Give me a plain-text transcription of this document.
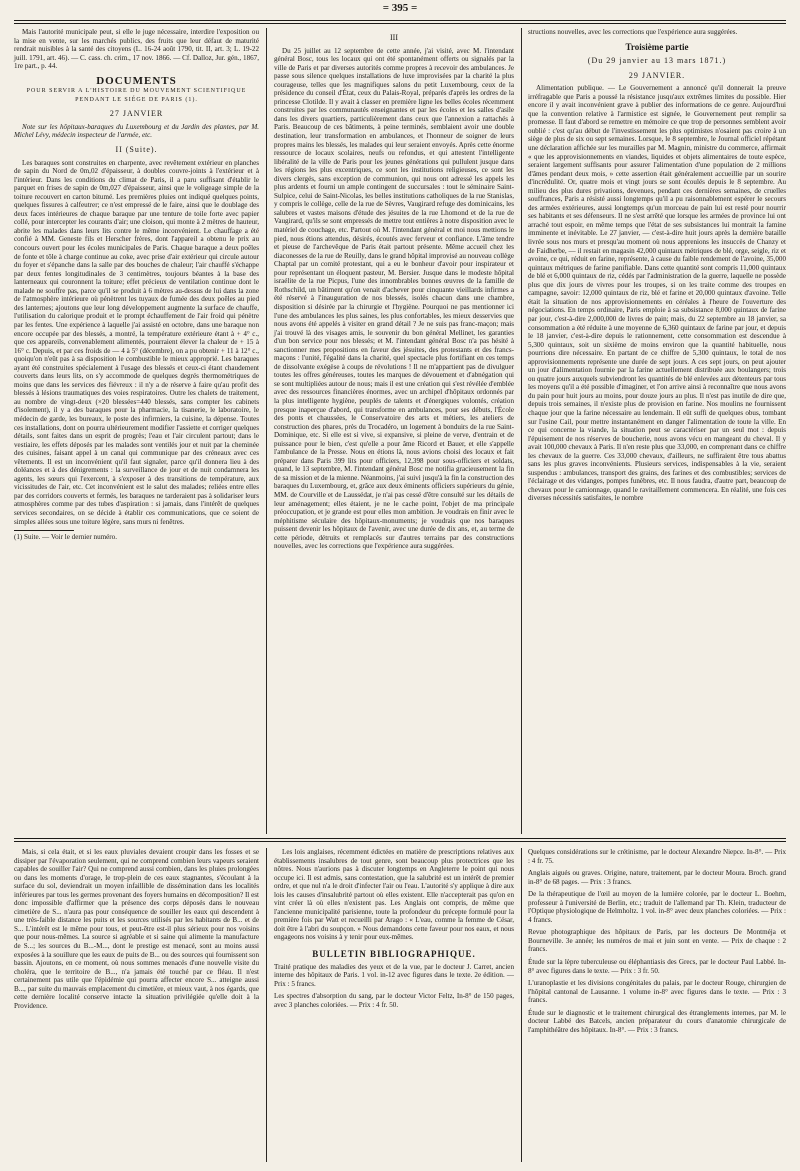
= 395 =

Mais l'autorité municipale peut, si elle le juge nécessaire, interdire l'exposition ou la mise en vente, sur les marchés publics, des fruits que leur défaut de maturité rendrait nuisibles à la santé des citoyens (L. 16-24 août 1790, tit. II, art. 3; L. 19-22 juill. 1791, art. 46). — C. cass. ch. crim., 17 nov. 1866. — Cf. Dalloz, Jur. gén., 1867, 1re part., p. 44.

DOCUMENTS
POUR SERVIR A L'HISTOIRE DU MOUVEMENT SCIENTIFIQUE PENDANT LE SIÉGE DE PARIS (1).
27 JANVIER

Note sur les hôpitaux-baraques du Luxembourg et du Jardin des plantes, par M. Michel Lévy, médecin inspecteur de l'armée, etc.

II (Suite).

Les baraques sont construites en charpente, avec revêtement extérieur en planches de sapin du Nord de 0m,02 d'épaisseur, à doubles couvre-joints à l'extérieur et à l'intérieur. Dans les conditions du climat de Paris, il a paru suffisant d'établir le parquet en frises de sapin de 0m,027 d'épaisseur, ainsi que le voligeage simple de la toiture recouvert en carton bitumé. Les premières pluies ont indiqué quelques points, quelques fissures à calfeutrer; ce n'est empressé de le faire, ainsi que le doublage des deux faces intérieures de chaque baraque par une tenture de toile forte avec papier collé, pour intercepter les courants d'air; une cloison, qui monte à 2 mètres de hauteur, abrite les malades dans leurs lits contre le même inconvénient. Le chauffage a été confié à MM. Geneste fils et Herscher frères, dont l'appareil a obtenu le prix au concours ouvert pour les écoles municipales de Paris. Chaque baraque a deux poêles de fonte et tôle à charge continue au coke, avec prise d'air extérieur qui circule autour du foyer et s'épanche dans la salle par des bouches de chaleur; l'air chauffé s'échappe par deux fentes longitudinales de 3 centimètres, toujours béantes à la base des lanterneaux qui couronnent la toiture; effet précieux de ventilation continue dont le malade ne souffre pas, parce qu'il se produit à 6 mètres au-dessus de lui dans la zone de l'atmosphère intérieure où pénètrent les tuyaux de fumée des deux poêles au pied des lanternes; ajoutons que leur long développement augmente la surface de chauffe, l'utilisation du calorique produit et le prompt échauffement de l'air froid qui pénètre par les fentes. Une expérience à laquelle j'ai assisté en octobre, dans une baraque non encore occupée par des blessés, a montré, la température extérieure étant à + 4° c., que ces appareils, convenablement alimentés, pourraient élever la chaleur de + 15 à 16° c. Depuis, et par ces froids de — 4 à 5° (décembre), on a pu obtenir + 11 à 12° c., quoiqu'on n'eût pas à sa disposition le combustible le mieux approprié. Les baraques ayant été construites spécialement à l'usage des blessés et ceux-ci étant chaudement couverts dans leurs lits, on s'y accommode de quelques degrés thermométriques de moins que dans les services des fiévreux : il n'y a de réserve à faire qu'au profit des blessés à lésions traumatiques des voies respiratoires. Outre les chalets de traitement, au nombre de vingt-deux (×20 blessées=440 blessés, sans compter les cabinets d'isolement), il y a des baraques pour la pharmacie, la tisanerie, le laboratoire, le médecin de garde, les bureaux, le poste des infirmiers, la cuisine, la dépense. Toutes ces installations, dont on pourra ultérieurement modifier l'assiette et corriger quelques détails, sont faites dans un esprit de progrès; l'eau et l'air circulent partout; dans le vestiaire, les effets déposés par les malades sont ventilés jour et nuit par la cheminée des cuisines, faisant appel à un canal qui communique par des créneaux avec ces vêtements. Il est un inconvénient qu'il faut signaler, parce qu'il donnera lieu à des doléances et à des dénigrements : la surveillance de jour et de nuit condamnera les agents, les sœurs qui l'exercent, à s'exposer à des transitions de température, aux vicissitudes de l'air, etc. Cet inconvénient est le salut des malades; reliées entre elles par des corridors couverts et fermés, les baraques ne tarderaient pas à solidariser leurs atmosphères comme par des tubes d'aspiration : si jamais, dans l'intérêt de quelques services secondaires, on se décide à établir ces communications, que ce soient de simples allées sous une toiture légère, sans murs ni fenêtres.

(1) Suite. — Voir le dernier numéro.

III

Du 25 juillet au 12 septembre de cette année, j'ai visité, avec M. l'intendant général Bosc, tous les locaux qui ont été spontanément offerts ou signalés par la ville de Paris et par diverses autorités comme propres à recevoir des ambulances. Je passe sous silence quelques installations de luxe improvisées par la charité la plus courageuse, telles que les magnifiques salons du petit Luxembourg, ceux de la présidence du conseil d'État, ceux du Palais-Royal, préparés d'après les ordres de la princesse Clotilde. Il y avait à classer en première ligne les belles écoles récemment construites par les communautés enseignantes et par les écoles et les salles d'asile dans les divers quartiers, particulièrement dans ceux que l'annexion a rattachés à Paris. Beaucoup de ces bâtiments, à peine terminés, semblaient avoir une double destination, leur transformation en ambulances, et l'honneur de soigner de leurs propres mains les blessés, les malades qui leur seraient envoyés. Après cette énorme ressource de locaux scolaires, neufs ou refondus, et qui attestent l'intelligente libéralité de la ville de Paris pour les jeunes générations qui pullulent jusque dans les régions les plus excentriques, ce sont les institutions religieuses, ce sont les divers clergés, sans exception de communion, qui nous ont adressé les appels les plus ardents et fourni un ample contingent de succursales : tout le séminaire Saint-Sulpice, celui de Saint-Nicolas, les belles institutions catholiques de la rue Stanislas, y compris le collège, celle de la rue de Sèvres, Vaugirard refuge des dominicains, les salubres et vastes maisons d'étude des jésuites de la rue Lhomond et de la rue de Vaugirard, qu'ils se sont empressés de mettre tout entières à notre disposition avec le matériel de couchage, etc. Partout où M. l'intendant général et moi nous mettions le pied, nous étions attendus, désirés, écoutés avec ferveur et confiance. L'âme tendre et pieuse de l'archevêque de Paris était partout présente. Même accueil chez les diaconesses de la rue de Reuilly, dans le grand hôpital improvisé au nouveau collège Chaptal par un comité protestant, qui a eu le bonheur d'avoir pour inspirateur et pour représentant un éloquent pasteur, M. Bersier. Jusque dans le modeste hôpital israélite de la rue Picpus, l'une des innombrables bonnes œuvres de la famille de Rothschild, un bâtiment qu'on venait d'achever pour cinquante vieillards infirmes a été réservé à l'inauguration de nos blessés, isolés chacun dans une chambre, disposition si désirée par la chirurgie et l'hygiène. Pourquoi ne pas mentionner ici l'une des ambulances les plus saines, les plus confortables, les mieux desservies que nous avons été appelés à visiter en grand détail ? Je ne suis pas franc-maçon; mais j'ai trouvé là des visages amis, le souvenir du bon général Mellinet, les garanties d'un bon service pour nos blessés; et M. l'intendant général Bosc n'a pas hésité à sanctionner mes propositions en faveur des jésuites, des protestants et des francs-maçons : l'unité, l'égalité dans la charité, quel spectacle plus fortifiant en ces temps de dissolvante exégèse à coups de révolutions ! Il ne m'appartient pas de divulguer toutes les offres généreuses, toutes les marques de dévouement et d'abnégation qui se sont multipliées autour de nous; mais il est une création qui s'est révélée d'emblée avec des ressources financières énormes, avec un archipel d'hôpitaux ordonnés par la plus intelligente hygiène, peuplés de talents et d'énergiques volontés, création presque inaperçue d'abord, qui transforme en ambulances, pour ses débuts, l'École des ponts et chaussées, le Conservatoire des arts et métiers, les ateliers de construction des phares, près du Trocadéro, un logement à bonduirs de la rue Saint-Dominique, etc. Si elle est si vive, si expansive, si pleine de verve, d'entrain et de puissance pour le bien, c'est qu'elle a pour âme Ricord et Bauer, et elle s'appelle l'ambulance de la Presse. Nous en étions là, nous avions choisi des locaux et fait préparer dans Paris 399 lits pour officiers, 12,398 pour sous-officiers et soldats, quand, le 13 septembre, M. l'intendant général Bosc me notifia gracieusement la fin de sa mission et de la mienne. Néanmoins, j'ai suivi jusqu'à la fin la construction des baraques du Luxembourg, et, grâce aux deux éminents officiers supérieurs du génie, MM. de Courville et de Laussédat, je n'ai pas cessé d'être consulté sur les détails de leur aménagement; elles étaient, je ne le cache point, l'objet de ma principale préoccupation, et je grande est pour elles mon ambition. Je voudrais en finir avec le méphitisme séculaire des hôpitaux-monuments; je voudrais que nos baraques puissent devenir les hôpitaux de l'avenir, avec une durée de dix ans, et, au terme de cette période, détruits et remplacés sur d'autres terrains par des constructions nouvelles, avec les corrections que l'expérience aura suggérées.

structions nouvelles, avec les corrections que l'expérience aura suggérées.

Troisième partie
(Du 29 janvier au 13 mars 1871.)
29 JANVIER.

Alimentation publique. — Le Gouvernement a annoncé qu'il donnerait la preuve irréfragable que Paris a poussé la résistance jusqu'aux extrêmes limites du possible. Hier encore il y avait inconvénient grave à publier des informations de ce genre. Aujourd'hui que la convention relative à l'armistice est signée, le Gouvernement peut remplir sa promesse. Il faut d'abord se remettre en mémoire ce que trop de personnes semblent avoir oublié : c'est qu'au début de l'investissement les plus optimistes n'osaient pas croire à un siège de plus de six ou sept semaines. Lorsque, le 8 septembre, le Journal officiel répétant une déclaration affichée sur les murailles par M. Magnin, ministre du commerce, affirmait « que les approvisionnements en viandes, liquides et objets alimentaires de toute espèce, seraient largement suffisants pour assurer l'alimentation d'une population de 2 millions d'âmes pendant deux mois, » cette assertion était généralement accueillie par un sourire d'incrédulité. Or, quatre mois et vingt jours se sont écoulés depuis le 8 septembre. Au milieu des plus dures privations, devenues, pendant ces dernières semaines, de cruelles souffrances, Paris a résisté aussi longtemps qu'il a pu raisonnablement espérer le secours des armées extérieures, aussi longtemps qu'un morceau de pain lui est resté pour nourrir ses habitants et ses défenseurs. Il ne s'est arrêté que lorsque les armées de province lui ont arraché tout espoir, en même temps que l'état de ses subsistances lui montrait la famine imminente et inévitable. Le 27 janvier, — c'est-à-dire huit jours après la dernière bataille livrée sous nos murs et presqu'au moment où nous apprenions les insuccès de Chanzy et de Faidherbe, — il restait en magasin 42,000 quintaux métriques de blé, orge, seigle, riz et avoine, ce qui, réduit en farine, représente, à cause du faible rendement de l'avoine, 35,000 quintaux métriques de farine panifiable. Dans cette quantité sont compris 11,000 quintaux de blé et 6,000 quintaux de riz, cédés par l'administration de la guerre, laquelle ne possède plus que dix jours de vivres pour les troupes, si on les traite comme des troupes en campagne, savoir: 12,000 quintaux de riz, blé et farine et 20,000 quintaux d'avoine. Telle était la situation de nos approvisionnements en céréales à l'heure de l'ouverture des négociations. En temps ordinaire, Paris emploie à sa subsistance 8,000 quintaux de farine par jour, c'est-à-dire 2,000,000 de livres de pain; mais, du 22 septembre au 18 janvier, sa consommation a été réduite à une moyenne de 6,360 quintaux de farine par jour, et depuis le 18 janvier, c'est-à-dire depuis le rationnement, cette consommation est descendue à 5,300 quintaux, soit un sixième de moins environ que la quantité habituelle, nous pourrions dire nécessaire. En partant de ce chiffre de 5,300 quintaux, le total de nos approvisionnements représente une durée de sept jours. A ces sept jours, on peut ajouter un jour d'alimentation fournie par la farine actuellement distribuée aux boulangers; trois ou quatre jours auxquels subviendront les quantités de blé enlevées aux détenteurs par tous les moyens qu'il a été possible d'imaginer, et l'on arrive ainsi à reconnaître que nous avons du pain pour huit jours au moins, pour douze jours au plus. Il n'est pas inutile de dire que, depuis trois semaines, il n'existe plus de provision en farine. Nos moulins ne fournissent chaque jour que la farine nécessaire au lendemain. Il eût suffi de quelques obus, tombant sur l'usine Cail, pour mettre instantanément en danger l'alimentation de toute la ville. En ce qui concerne la viande, la situation peut se caractériser par un seul mot : depuis l'épuisement de nos réserves de boucherie, nous avons vécu en mangeant du cheval. Il y avait 100,000 chevaux à Paris. Il n'en reste plus que 33,000, en comprenant dans ce chiffre les chevaux de la guerre. Ces 33,000 chevaux, d'ailleurs, ne suffiraient être tous abattus sans les plus graves inconvénients. Plusieurs services, indispensables à la vie, seraient suspendus : ambulances, transport des grains, des farines et des combustibles; services de l'éclairage et des vidanges, pompes funèbres, etc. Il nous faudra, d'autre part, beaucoup de chevaux pour le camionnage, quand le ravitaillement commencera. En réalité, une fois ces diverses nécessités satisfaites, le nombre

Mais, si cela était, et si les eaux pluviales devaient croupir dans les fosses et se dissiper par l'évaporation seulement, qui ne comprend combien leurs vapeurs seraient capables de souiller l'air? Qui ne comprend aussi combien, dans les pluies prolongées ou dans les moments d'orage, le trop-plein de ces eaux stagnantes, s'écoulant à la surface du sol, deviendrait un moyen infaillible de dissémination dans les localités inférieures par tous les germes provenant des foyers humains en décomposition? Il est donc impossible d'affirmer que la présence des corps déposés dans le nouveau cimetière de S... n'aura pas pour conséquence de souiller les eaux qui descendent à une très-faible distance les puits et les sources utilisés par les habitants de B... et de S... L'intérêt est le même pour tous, et peut-être est-il plus sérieux pour nos voisins que pour nous-mêmes. La source si agréable et si saine qui alimente la manufacture de S...; les sources du B...-M..., dont le prestige est menacé, sont au moins aussi exposées à la souillure que les eaux de puits de B... ou des sources qui fournissent son bassin. Ajoutons, en ce moment, où nous sommes menacés d'une nouvelle visite du choléra, que le territoire de B..., n'a jamais été touché par ce fléau. Il n'est certainement pas utile que l'épidémie qui pourra affecter encore S... atteigne aussi B..., par suite du mauvais emplacement du cimetière, et mieux vaut, à nos égards, que cette dernière localité conserve intacte la situation privilégiée qu'elle doit à la Providence.

Les lois anglaises, récemment édictées en matière de prescriptions relatives aux établissements insalubres de tout genre, sont beaucoup plus protectrices que les nôtres. Nous n'aurions pas à discuter longtemps en Angleterre le point qui nous occupe ici. Il est admis, sans contestation, que la salubrité est un intérêt de premier ordre, et que nul n'a le droit d'infecter l'air ou l'eau. L'autorité s'y applique à dire aux lois les causes d'insalubrité partout où elles existent. Elle n'accepterait pas qu'on en vint créer là où elles n'existent pas. Les Anglais ont compris, de même que l'ancienne municipalité parisienne, toute la profondeur du précepte formulé pour la première fois par Watt et recueilli par Arago : « L'eau, comme la femme de César, doit être à l'abri du soupçon. » Nous demandons cette faveur pour nos eaux, et nous engageons nos voisins à y tenir pour eux-mêmes.

BULLETIN BIBLIOGRAPHIQUE.

Traité pratique des maladies des yeux et de la vue, par le docteur J. Carret, ancien interne des hôpitaux de Paris. 1 vol. in-12 avec figures dans le texte. 2e édition. — Prix : 5 francs.

Les spectres d'absorption du sang, par le docteur Victor Feltz, In-8° de 150 pages, avec 3 planches coloriées. — Prix : 4 fr. 50.

Quelques considérations sur le crétinisme, par le docteur Alexandre Niepce. In-8°. — Prix : 4 fr. 75.

Anglais aigués ou graves. Origine, nature, traitement, par le docteur Moura. Broch. grand in-8° de 68 pages. — Prix : 3 francs.

De la thérapeutique de l'œil au moyen de la lumière colorée, par le docteur L. Boehm, professeur à l'université de Berlin, etc.; traduit de l'allemand par Th. Klein, traducteur de l'Optique physiologique de Helmholtz. 1 vol. in-8° avec deux planches coloriées. — Prix : 4 francs.

Revue photographique des hôpitaux de Paris, par les docteurs De Montméja et Bourneville. 3e année; les numéros de mai et juin sont en vente. — Prix de chaque : 2 francs.

Étude sur la lèpre tuberculeuse ou éléphantiasis des Grecs, par le docteur Paul Labbé. In-8° avec figures dans le texte. — Prix : 3 fr. 50.

L'uranoplastie et les divisions congénitales du palais, par le docteur Rouge, chirurgien de l'hôpital cantonal de Lausanne. 1 volume in-8° avec figures dans le texte. — Prix : 3 francs.

Étude sur le diagnostic et le traitement chirurgical des étranglements internes, par M. le docteur Labbé des Batcels, ancien préparateur du cours d'anatomie chirurgicale de l'amphithéâtre des hôpitaux. In-8°. — Prix : 3 francs.
